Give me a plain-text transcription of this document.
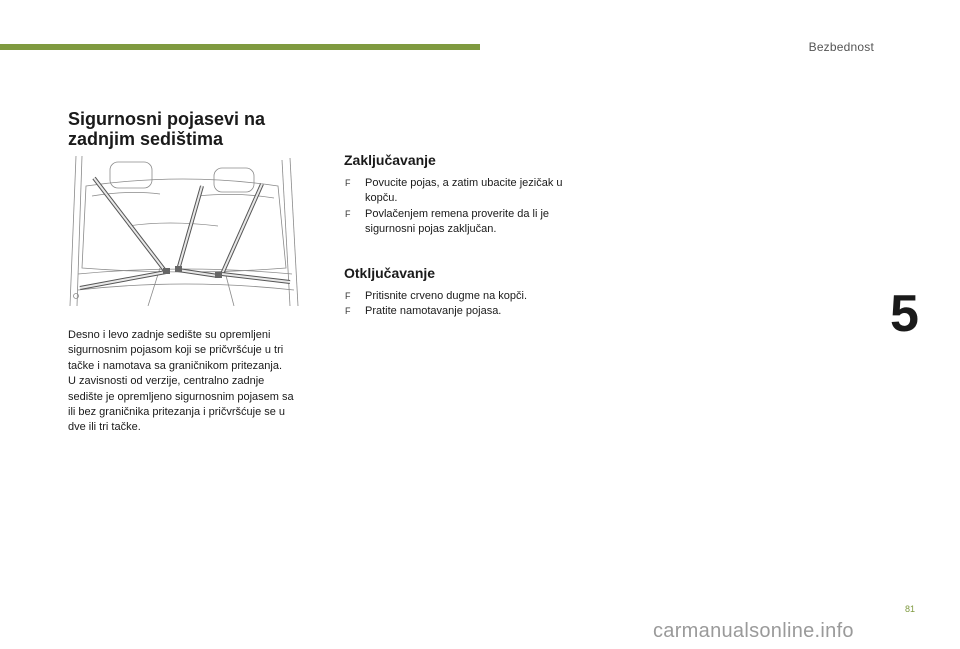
Bezbednost
5
Sigurnosni pojasevi na zadnjim sedištima

Desno i levo zadnje sedište su opremljeni
sigurnosnim pojasom koji se pričvršćuje u tri
tačke i namotava sa graničnikom pritezanja.
U zavisnosti od verzije, centralno zadnje
sedište je opremljeno sigurnosnim pojasem sa
ili bez graničnika pritezanja i pričvršćuje se u
dve ili tri tačke.

Zaključavanje
F Povucite pojas, a zatim ubacite jezičak u
kopču.
F Povlačenjem remena proverite da li je
sigurnosni pojas zaključan.
Otključavanje
F Pritisnite crveno dugme na kopči.
F Pratite namotavanje pojasa.
81
carmanualsonline.info
